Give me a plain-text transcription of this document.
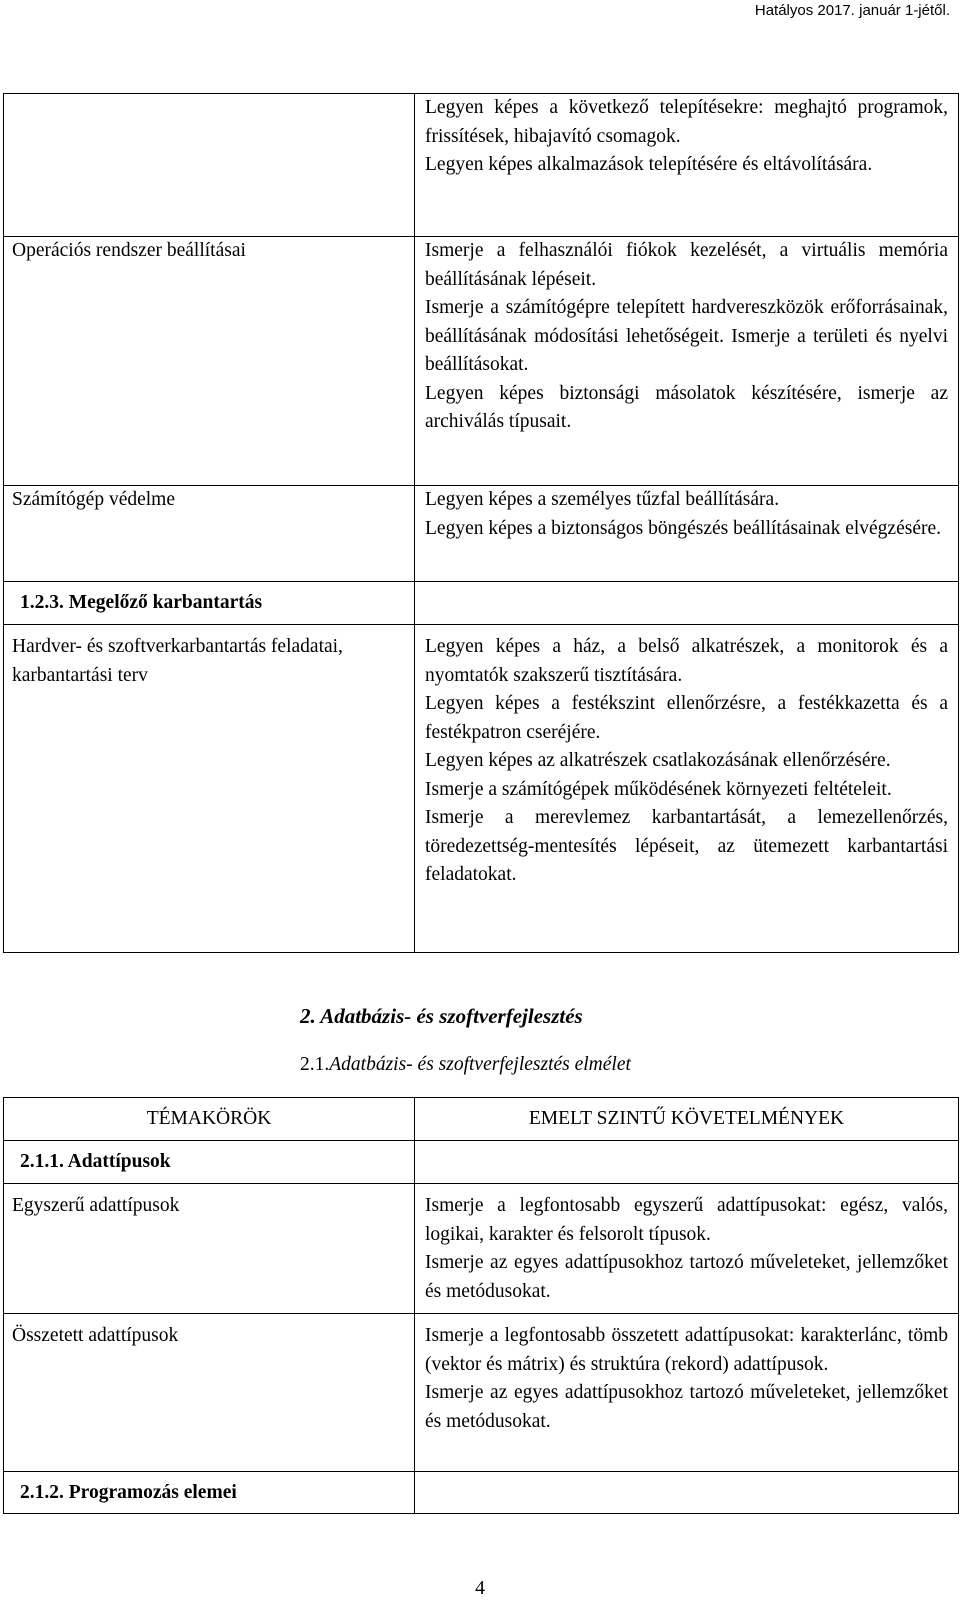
Hatályos 2017. január 1-jétől.

	Legyen képes a következő telepítésekre: meghajtó programok, frissítések, hibajavító csomagok.
Legyen képes alkalmazások telepítésére és eltávolítására.

Operációs rendszer beállításai	Ismerje a felhasználói fiókok kezelését, a virtuális memória beállításának lépéseit.
Ismerje a számítógépre telepített hardvereszközök erőforrásainak, beállításának módosítási lehetőségeit. Ismerje a területi és nyelvi beállításokat.
Legyen képes biztonsági másolatok készítésére, ismerje az archiválás típusait.

Számítógép védelme	Legyen képes a személyes tűzfal beállítására.
Legyen képes a biztonságos böngészés beállításainak elvégzésére.

1.2.3. Megelőző karbantartás	
Hardver- és szoftverkarbantartás feladatai, karbantartási terv	Legyen képes a ház, a belső alkatrészek, a monitorok és a nyomtatók szakszerű tisztítására.
Legyen képes a festékszint ellenőrzésre, a festékkazetta és a festékpatron cseréjére.
Legyen képes az alkatrészek csatlakozásának ellenőrzésére.
Ismerje a számítógépek működésének környezeti feltételeit.
Ismerje a merevlemez karbantartását, a lemezellenőrzés, töredezettség-mentesítés lépéseit, az ütemezett karbantartási feladatokat.
2. Adatbázis- és szoftverfejlesztés
2.1.Adatbázis- és szoftverfejlesztés elmélet
TÉMAKÖRÖK	EMELT SZINTŰ KÖVETELMÉNYEK
2.1.1. Adattípusok	
Egyszerű adattípusok	Ismerje a legfontosabb egyszerű adattípusokat: egész, valós, logikai, karakter és felsorolt típusok.
Ismerje az egyes adattípusokhoz tartozó műveleteket, jellemzőket és metódusokat.

Összetett adattípusok	Ismerje a legfontosabb összetett adattípusokat: karakterlánc, tömb (vektor és mátrix) és struktúra (rekord) adattípusok.
Ismerje az egyes adattípusokhoz tartozó műveleteket, jellemzőket és metódusokat.

2.1.2. Programozás elemei	
4
